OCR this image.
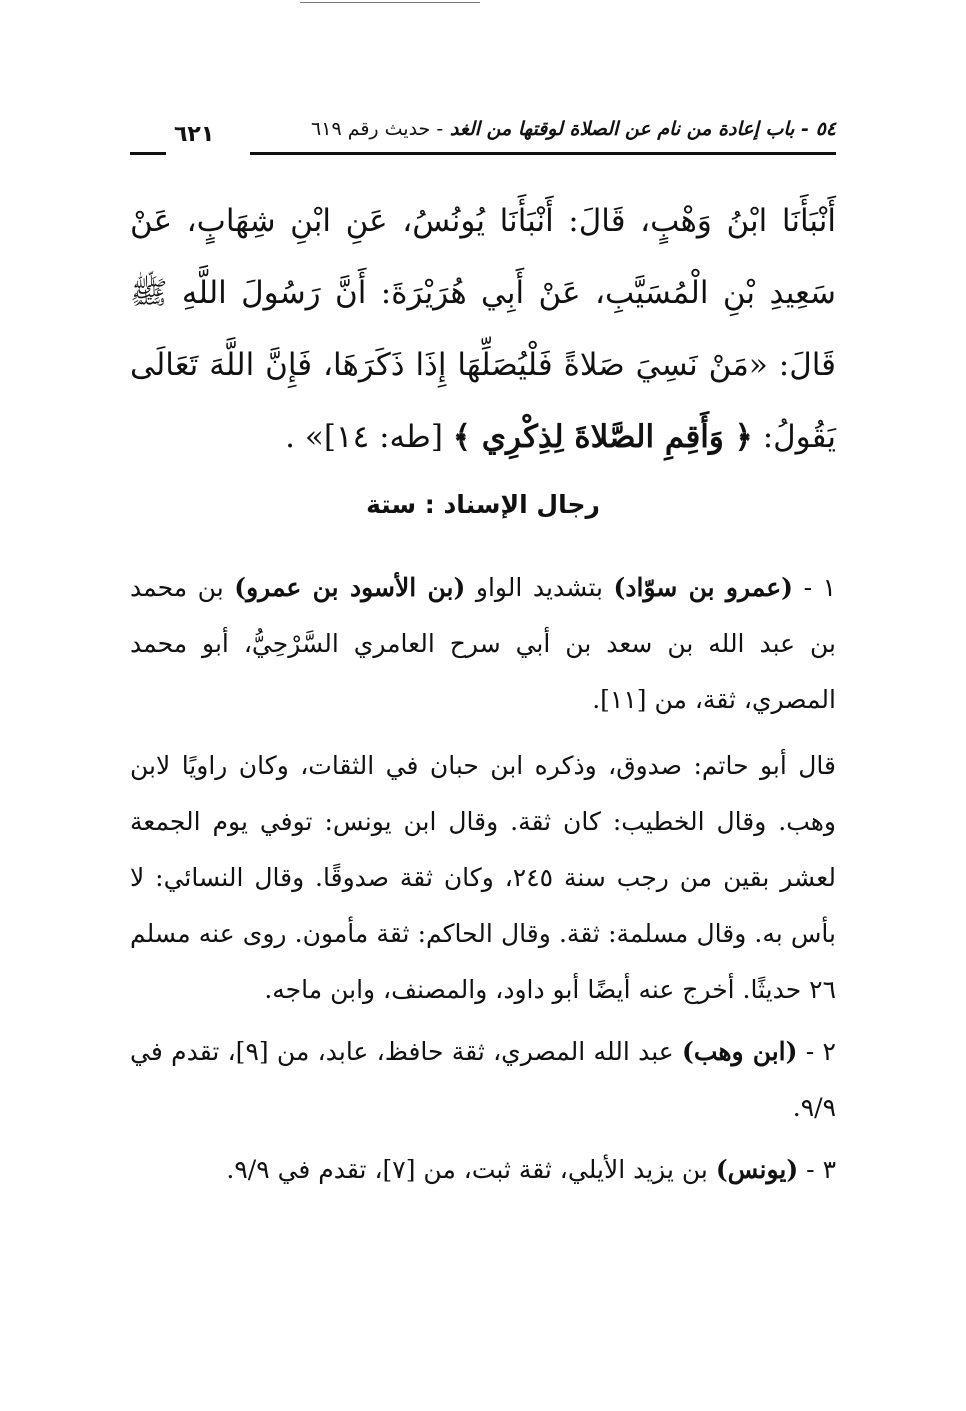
٥٤ - باب إعادة من نام عن الصلاة لوقتها من الغد - حديث رقم ٦١٩
٦٢١
أَنْبَأَنَا ابْنُ وَهْبٍ، قَالَ: أَنْبَأَنَا يُونُسُ، عَنِ ابْنِ شِهَابٍ، عَنْ سَعِيدِ بْنِ الْمُسَيَّبِ، عَنْ أَبِي هُرَيْرَةَ: أَنَّ رَسُولَ اللَّهِ ﷺ قَالَ: «مَنْ نَسِيَ صَلاةً فَلْيُصَلِّهَا إِذَا ذَكَرَهَا، فَإِنَّ اللَّهَ تَعَالَى يَقُولُ: ﴿ وَأَقِمِ الصَّلاةَ لِذِكْرِي ﴾ [طه: ١٤]» .
رجال الإسناد : ستة

١ - (عمرو بن سوّاد) بتشديد الواو (بن الأسود بن عمرو) بن محمد بن عبد الله بن سعد بن أبي سرح العامري السَّرْحِيُّ، أبو محمد المصري، ثقة، من [١١].

قال أبو حاتم: صدوق، وذكره ابن حبان في الثقات، وكان راويًا لابن وهب. وقال الخطيب: كان ثقة. وقال ابن يونس: توفي يوم الجمعة لعشر بقين من رجب سنة ٢٤٥، وكان ثقة صدوقًا. وقال النسائي: لا بأس به. وقال مسلمة: ثقة. وقال الحاكم: ثقة مأمون. روى عنه مسلم ٢٦ حديثًا. أخرج عنه أيضًا أبو داود، والمصنف، وابن ماجه.

٢ - (ابن وهب) عبد الله المصري، ثقة حافظ، عابد، من [٩]، تقدم في ٩/٩.

٣ - (يونس) بن يزيد الأيلي، ثقة ثبت، من [٧]، تقدم في ٩/٩.
